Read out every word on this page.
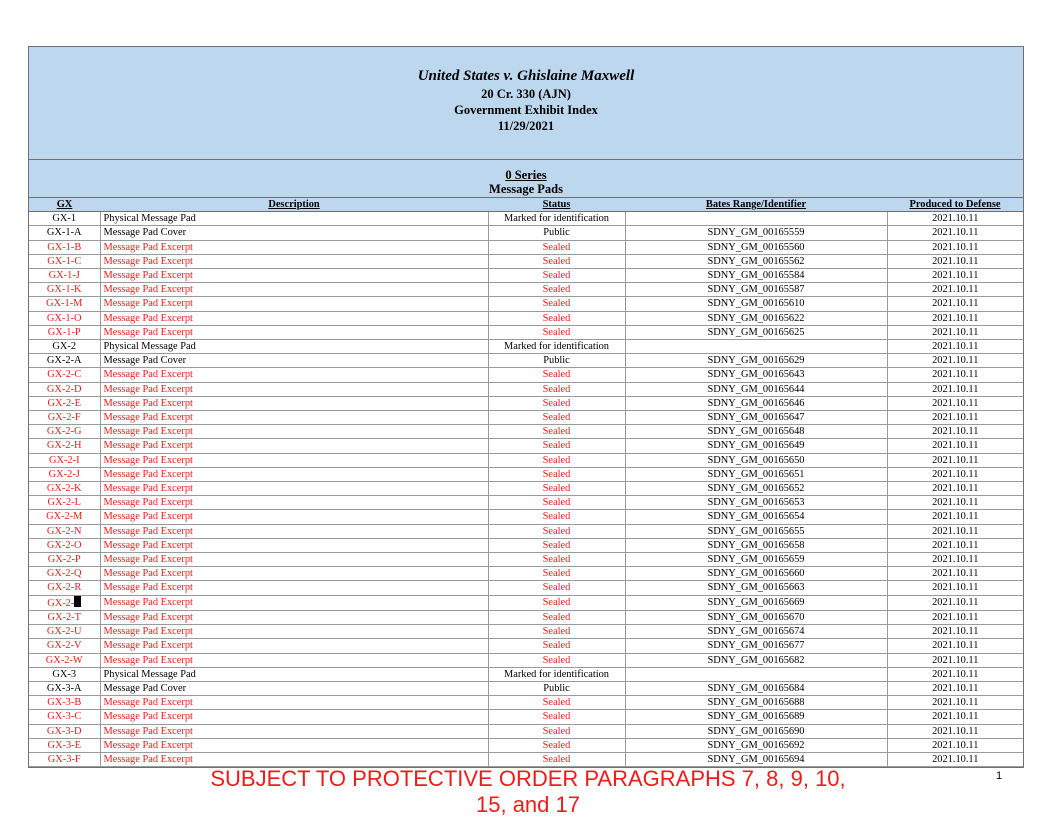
United States v. Ghislaine Maxwell
20 Cr. 330 (AJN)
Government Exhibit Index
11/29/2021
0 Series
Message Pads
GX	Description	Status	Bates Range/Identifier	Produced to Defense
GX-1	Physical Message Pad	Marked for identification		2021.10.11
GX-1-A	Message Pad Cover	Public	SDNY_GM_00165559	2021.10.11
GX-1-B	Message Pad Excerpt	Sealed	SDNY_GM_00165560	2021.10.11
GX-1-C	Message Pad Excerpt	Sealed	SDNY_GM_00165562	2021.10.11
GX-1-J	Message Pad Excerpt	Sealed	SDNY_GM_00165584	2021.10.11
GX-1-K	Message Pad Excerpt	Sealed	SDNY_GM_00165587	2021.10.11
GX-1-M	Message Pad Excerpt	Sealed	SDNY_GM_00165610	2021.10.11
GX-1-O	Message Pad Excerpt	Sealed	SDNY_GM_00165622	2021.10.11
GX-1-P	Message Pad Excerpt	Sealed	SDNY_GM_00165625	2021.10.11
GX-2	Physical Message Pad	Marked for identification		2021.10.11
GX-2-A	Message Pad Cover	Public	SDNY_GM_00165629	2021.10.11
GX-2-C	Message Pad Excerpt	Sealed	SDNY_GM_00165643	2021.10.11
GX-2-D	Message Pad Excerpt	Sealed	SDNY_GM_00165644	2021.10.11
GX-2-E	Message Pad Excerpt	Sealed	SDNY_GM_00165646	2021.10.11
GX-2-F	Message Pad Excerpt	Sealed	SDNY_GM_00165647	2021.10.11
GX-2-G	Message Pad Excerpt	Sealed	SDNY_GM_00165648	2021.10.11
GX-2-H	Message Pad Excerpt	Sealed	SDNY_GM_00165649	2021.10.11
GX-2-I	Message Pad Excerpt	Sealed	SDNY_GM_00165650	2021.10.11
GX-2-J	Message Pad Excerpt	Sealed	SDNY_GM_00165651	2021.10.11
GX-2-K	Message Pad Excerpt	Sealed	SDNY_GM_00165652	2021.10.11
GX-2-L	Message Pad Excerpt	Sealed	SDNY_GM_00165653	2021.10.11
GX-2-M	Message Pad Excerpt	Sealed	SDNY_GM_00165654	2021.10.11
GX-2-N	Message Pad Excerpt	Sealed	SDNY_GM_00165655	2021.10.11
GX-2-O	Message Pad Excerpt	Sealed	SDNY_GM_00165658	2021.10.11
GX-2-P	Message Pad Excerpt	Sealed	SDNY_GM_00165659	2021.10.11
GX-2-Q	Message Pad Excerpt	Sealed	SDNY_GM_00165660	2021.10.11
GX-2-R	Message Pad Excerpt	Sealed	SDNY_GM_00165663	2021.10.11
GX-2-	Message Pad Excerpt	Sealed	SDNY_GM_00165669	2021.10.11
GX-2-T	Message Pad Excerpt	Sealed	SDNY_GM_00165670	2021.10.11
GX-2-U	Message Pad Excerpt	Sealed	SDNY_GM_00165674	2021.10.11
GX-2-V	Message Pad Excerpt	Sealed	SDNY_GM_00165677	2021.10.11
GX-2-W	Message Pad Excerpt	Sealed	SDNY_GM_00165682	2021.10.11
GX-3	Physical Message Pad	Marked for identification		2021.10.11
GX-3-A	Message Pad Cover	Public	SDNY_GM_00165684	2021.10.11
GX-3-B	Message Pad Excerpt	Sealed	SDNY_GM_00165688	2021.10.11
GX-3-C	Message Pad Excerpt	Sealed	SDNY_GM_00165689	2021.10.11
GX-3-D	Message Pad Excerpt	Sealed	SDNY_GM_00165690	2021.10.11
GX-3-E	Message Pad Excerpt	Sealed	SDNY_GM_00165692	2021.10.11
GX-3-F	Message Pad Excerpt	Sealed	SDNY_GM_00165694	2021.10.11
SUBJECT TO PROTECTIVE ORDER PARAGRAPHS 7, 8, 9, 10, 15, and 17
1
